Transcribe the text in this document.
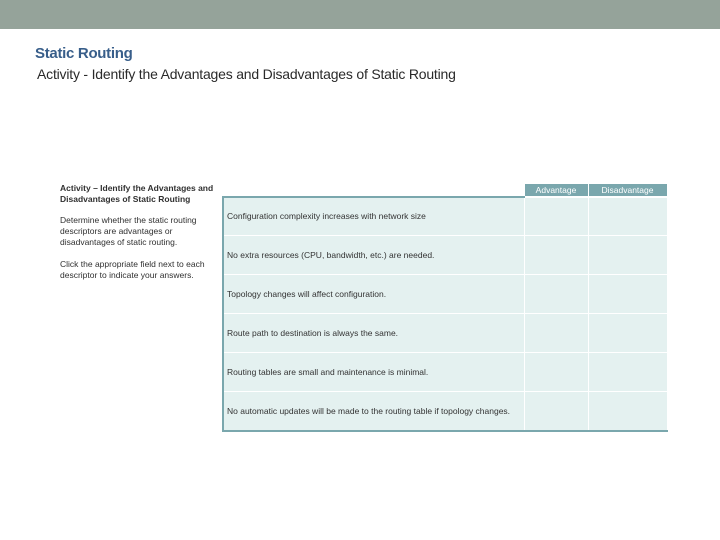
Static Routing
Activity - Identify the Advantages and Disadvantages of Static Routing
Activity – Identify the Advantages and Disadvantages of Static Routing
Determine whether the static routing descriptors are advantages or disadvantages of static routing.
Click the appropriate field next to each descriptor to indicate your answers.
	Advantage	Disadvantage
Configuration complexity increases with network size		
No extra resources (CPU, bandwidth, etc.) are needed.		
Topology changes will affect configuration.		
Route path to destination is always the same.		
Routing tables are small and maintenance is minimal.		
No automatic updates will be made to the routing table if topology changes.		
